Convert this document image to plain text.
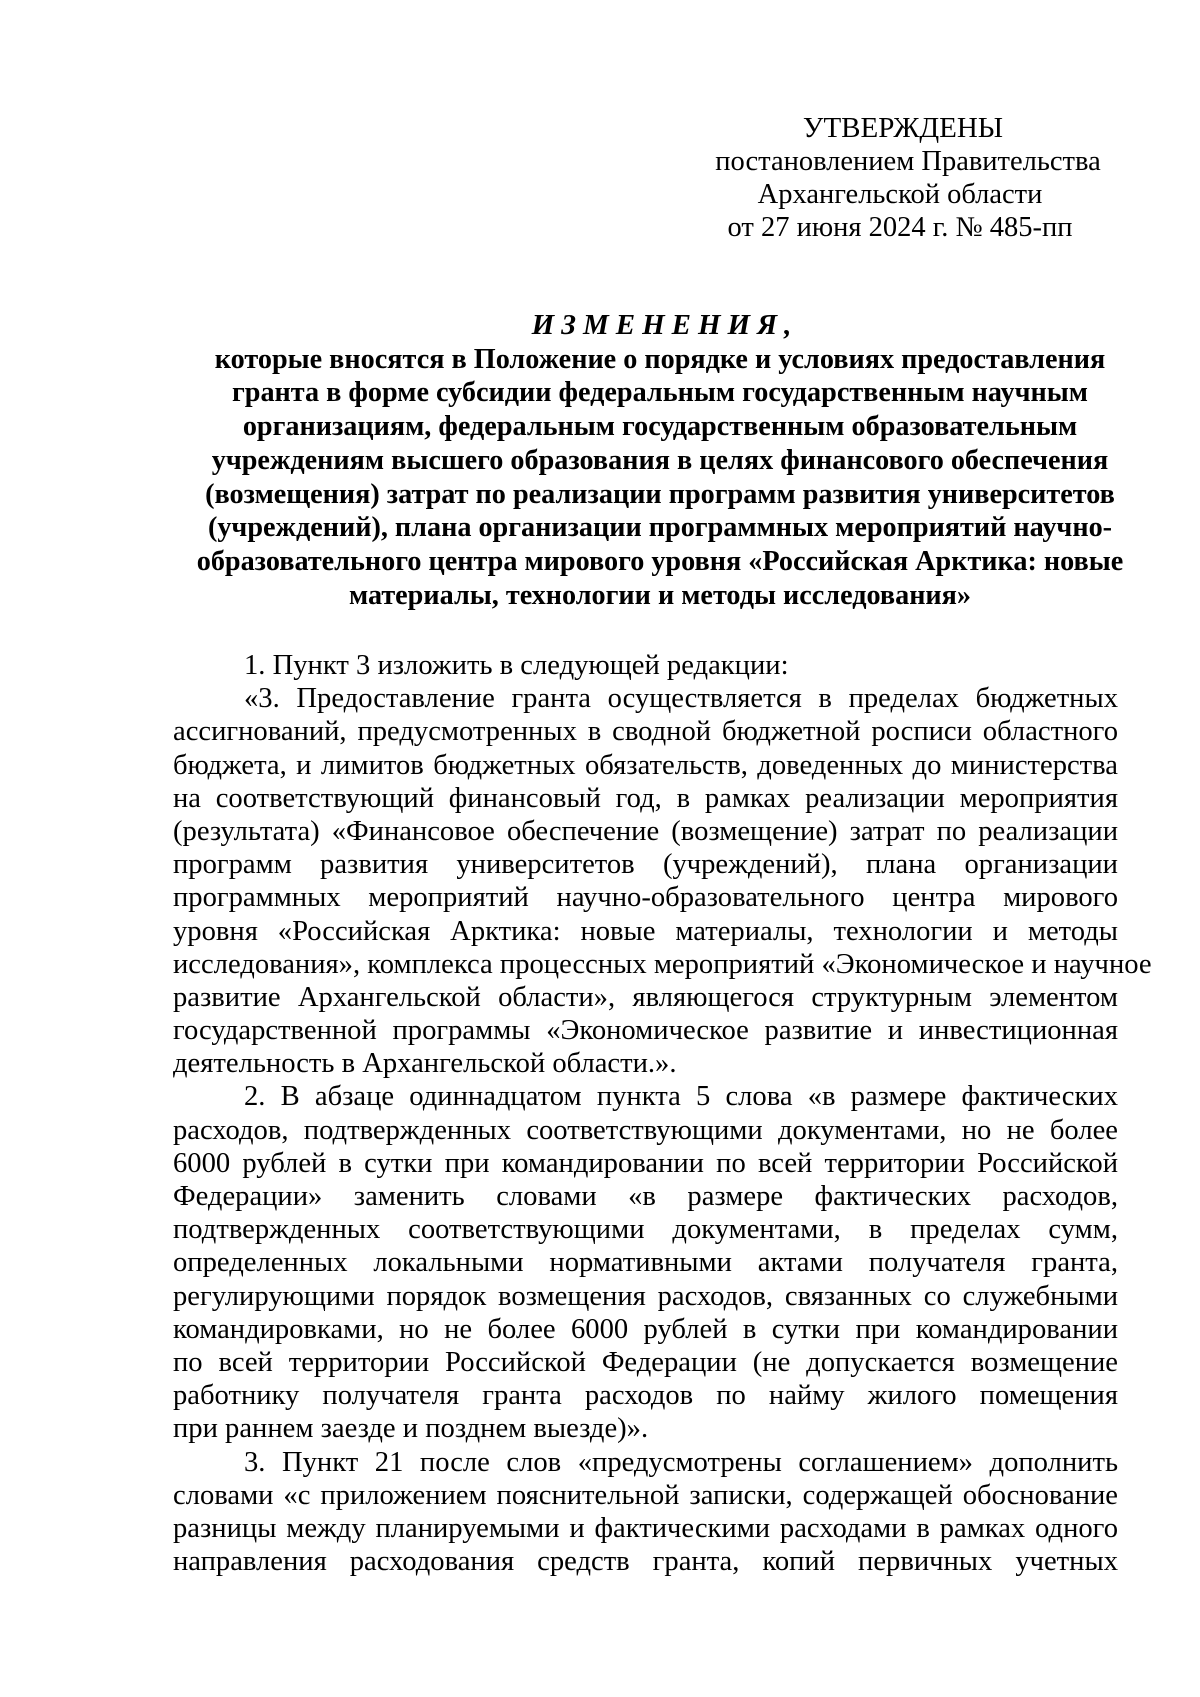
УТВЕРЖДЕНЫ
постановлением Правительства
Архангельской области
от 27 июня 2024 г. № 485-пп
ИЗМЕНЕНИЯ,
которые вносятся в Положение о порядке и условиях предоставления
гранта в форме субсидии федеральным государственным научным
организациям, федеральным государственным образовательным
учреждениям высшего образования в целях финансового обеспечения
(возмещения) затрат по реализации программ развития университетов
(учреждений), плана организации программных мероприятий научно-
образовательного центра мирового уровня «Российская Арктика: новые
материалы, технологии и методы исследования»
1. Пункт 3 изложить в следующей редакции:
«3. Предоставление гранта осуществляется в пределах бюджетных
ассигнований, предусмотренных в сводной бюджетной росписи областного
бюджета, и лимитов бюджетных обязательств, доведенных до министерства
на соответствующий финансовый год, в рамках реализации мероприятия
(результата) «Финансовое обеспечение (возмещение) затрат по реализации
программ развития университетов (учреждений), плана организации
программных мероприятий научно-образовательного центра мирового
уровня «Российская Арктика: новые материалы, технологии и методы
исследования», комплекса процессных мероприятий «Экономическое и научное
развитие Архангельской области», являющегося структурным элементом
государственной программы «Экономическое развитие и инвестиционная
деятельность в Архангельской области.».
2. В абзаце одиннадцатом пункта 5 слова «в размере фактических
расходов, подтвержденных соответствующими документами, но не более
6000 рублей в сутки при командировании по всей территории Российской
Федерации» заменить словами «в размере фактических расходов,
подтвержденных соответствующими документами, в пределах сумм,
определенных локальными нормативными актами получателя гранта,
регулирующими порядок возмещения расходов, связанных со служебными
командировками, но не более 6000 рублей в сутки при командировании
по всей территории Российской Федерации (не допускается возмещение
работнику получателя гранта расходов по найму жилого помещения
при раннем заезде и позднем выезде)».
3. Пункт 21 после слов «предусмотрены соглашением» дополнить
словами «с приложением пояснительной записки, содержащей обоснование
разницы между планируемыми и фактическими расходами в рамках одного
направления расходования средств гранта, копий первичных учетных
